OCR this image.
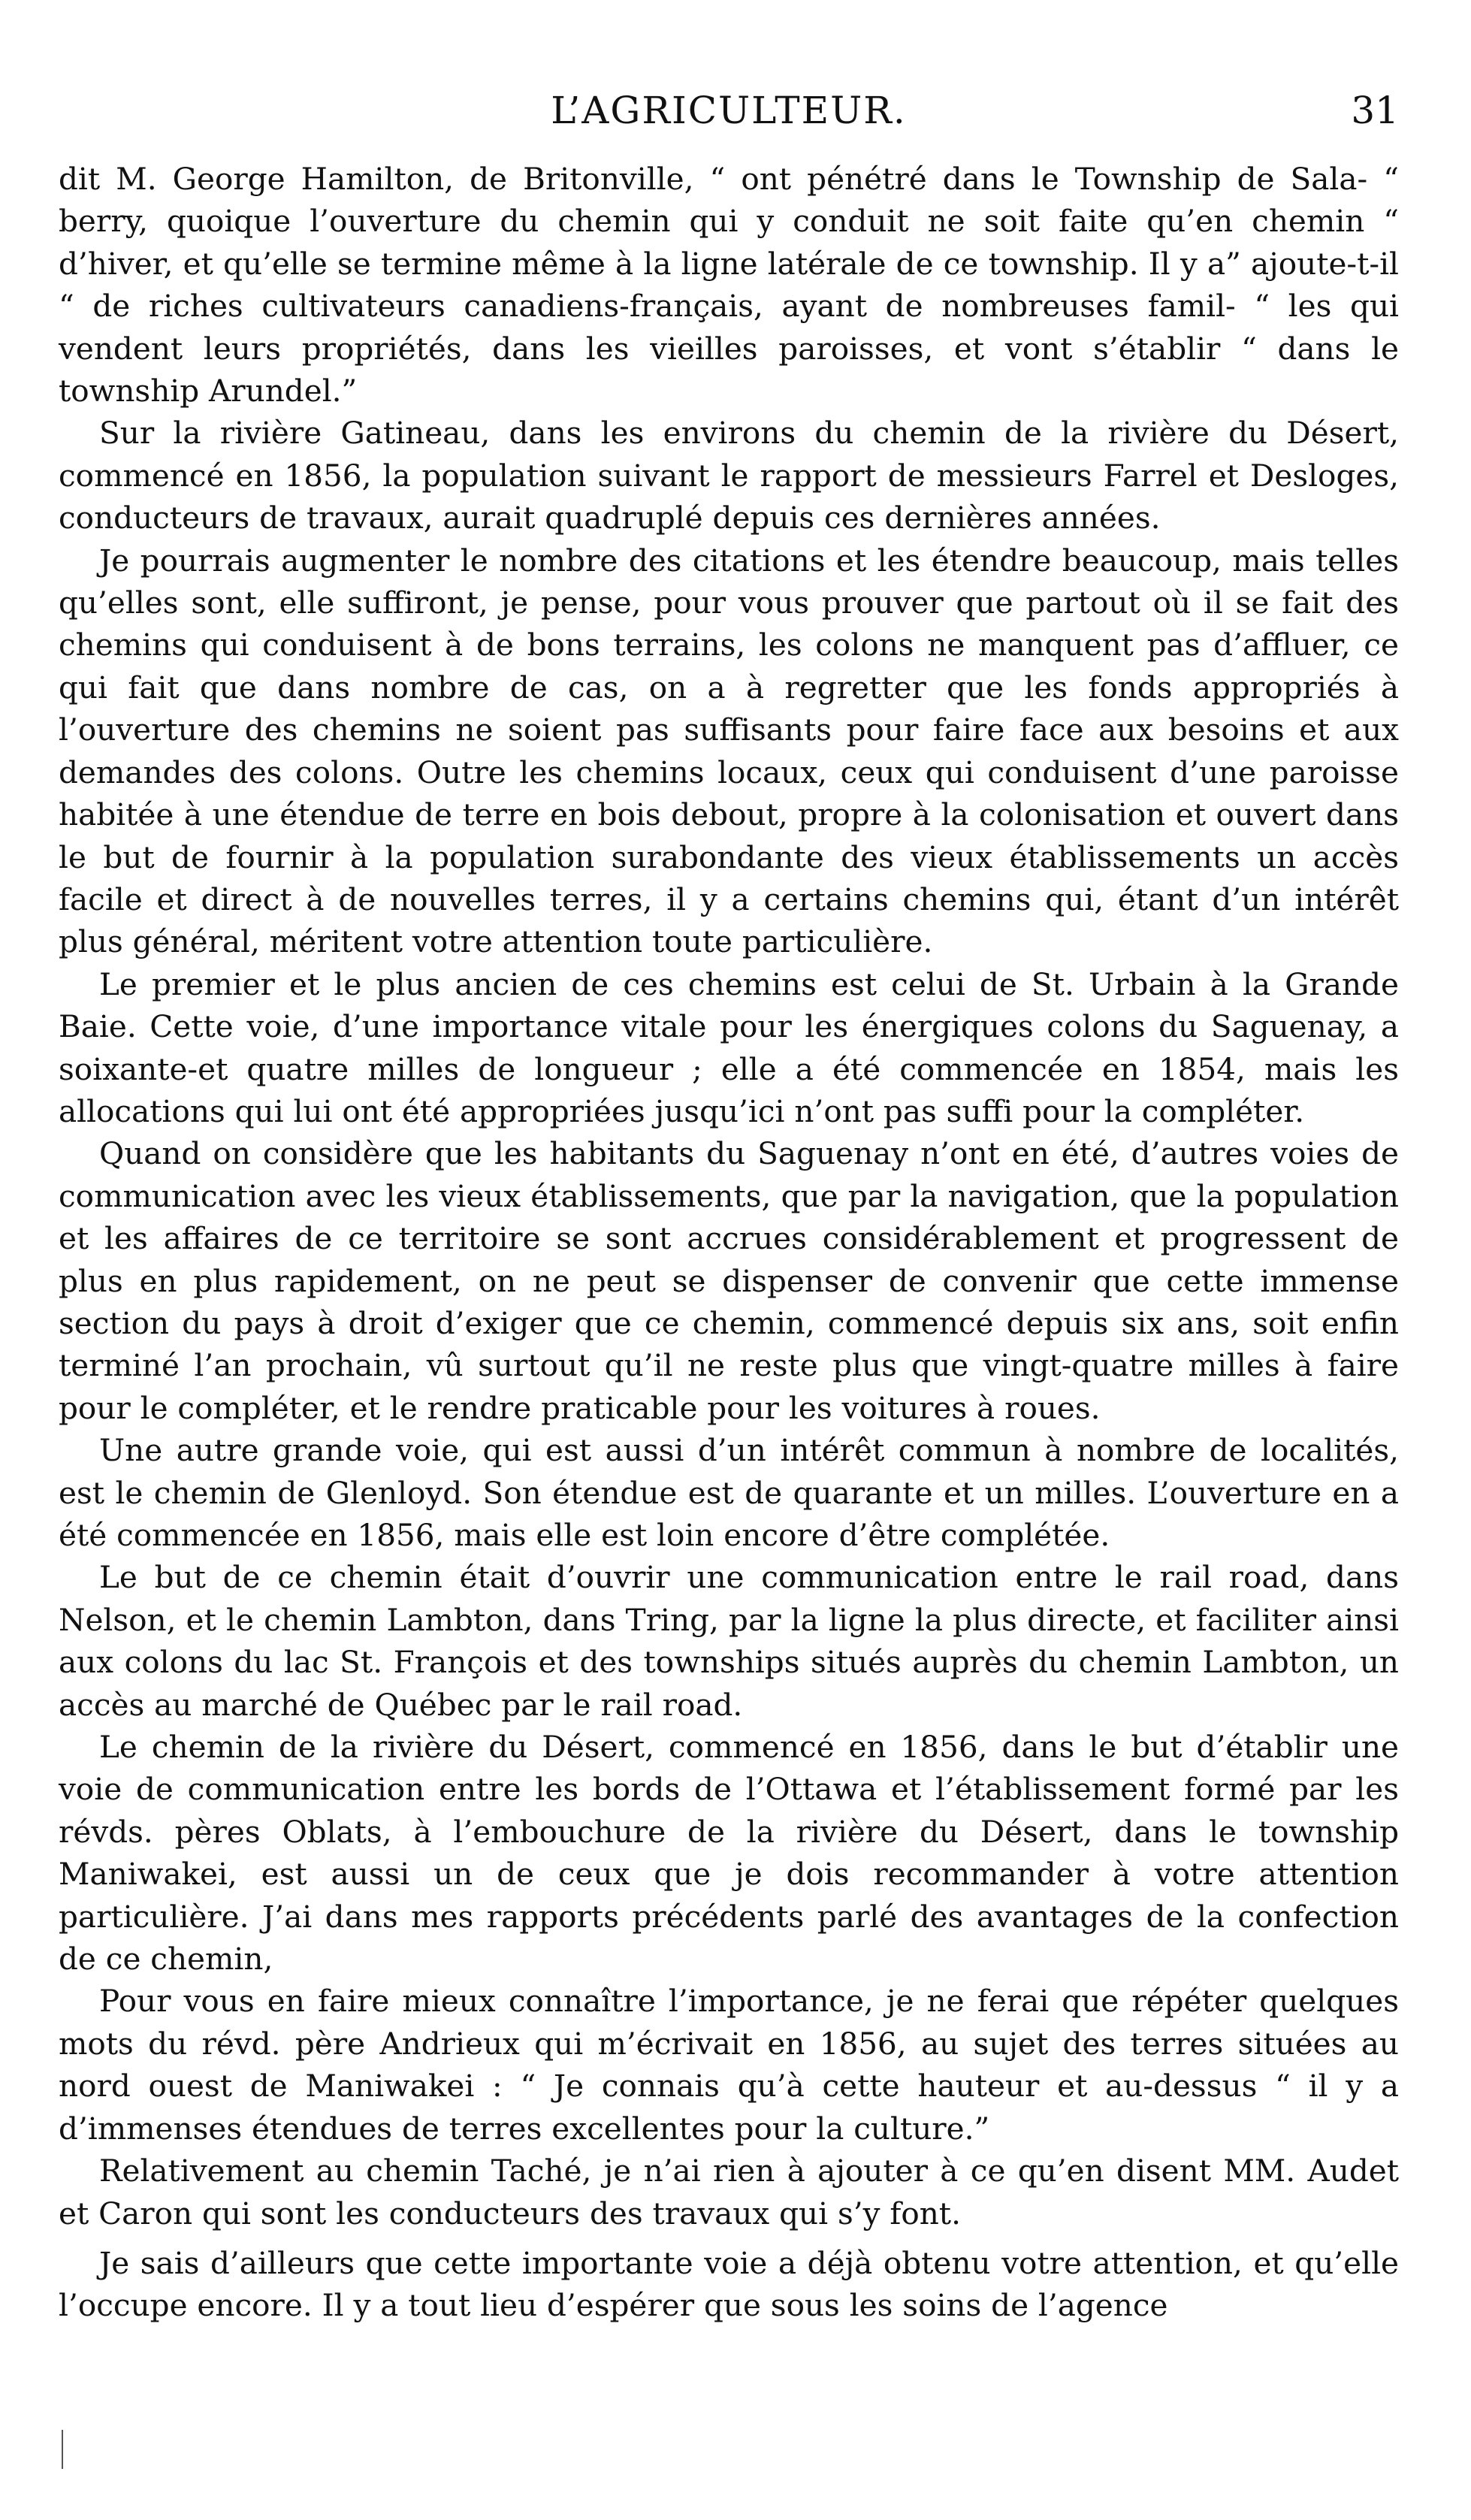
L’AGRICULTEUR.	31

dit M. George Hamilton, de Britonville, “ ont pénétré dans le Township de Sala- “ berry, quoique l’ouverture du chemin qui y conduit ne soit faite qu’en chemin “ d’hiver, et qu’elle se termine même à la ligne latérale de ce township. Il y a” ajoute-t-il “ de riches cultivateurs canadiens-français, ayant de nombreuses famil- “ les qui vendent leurs propriétés, dans les vieilles paroisses, et vont s’établir “ dans le township Arundel.”

Sur la rivière Gatineau, dans les environs du chemin de la rivière du Désert, commencé en 1856, la population suivant le rapport de messieurs Farrel et Desloges, conducteurs de travaux, aurait quadruplé depuis ces dernières années.

Je pourrais augmenter le nombre des citations et les étendre beaucoup, mais telles qu’elles sont, elle suffiront, je pense, pour vous prouver que partout où il se fait des chemins qui conduisent à de bons terrains, les colons ne manquent pas d’affluer, ce qui fait que dans nombre de cas, on a à regretter que les fonds appropriés à l’ouverture des chemins ne soient pas suffisants pour faire face aux besoins et aux demandes des colons. Outre les chemins locaux, ceux qui conduisent d’une paroisse habitée à une étendue de terre en bois debout, propre à la colonisation et ouvert dans le but de fournir à la population surabondante des vieux établissements un accès facile et direct à de nouvelles terres, il y a certains chemins qui, étant d’un intérêt plus général, méritent votre attention toute particulière.

Le premier et le plus ancien de ces chemins est celui de St. Urbain à la Grande Baie. Cette voie, d’une importance vitale pour les énergiques colons du Saguenay, a soixante-et quatre milles de longueur ; elle a été commencée en 1854, mais les allocations qui lui ont été appropriées jusqu’ici n’ont pas suffi pour la compléter.

Quand on considère que les habitants du Saguenay n’ont en été, d’autres voies de communication avec les vieux établissements, que par la navigation, que la population et les affaires de ce territoire se sont accrues considérablement et progressent de plus en plus rapidement, on ne peut se dispenser de convenir que cette immense section du pays à droit d’exiger que ce chemin, commencé depuis six ans, soit enfin terminé l’an prochain, vû surtout qu’il ne reste plus que vingt-quatre milles à faire pour le compléter, et le rendre praticable pour les voitures à roues.

Une autre grande voie, qui est aussi d’un intérêt commun à nombre de localités, est le chemin de Glenloyd. Son étendue est de quarante et un milles. L’ouverture en a été commencée en 1856, mais elle est loin encore d’être complétée.

Le but de ce chemin était d’ouvrir une communication entre le rail road, dans Nelson, et le chemin Lambton, dans Tring, par la ligne la plus directe, et faciliter ainsi aux colons du lac St. François et des townships situés auprès du chemin Lambton, un accès au marché de Québec par le rail road.

Le chemin de la rivière du Désert, commencé en 1856, dans le but d’établir une voie de communication entre les bords de l’Ottawa et l’établissement formé par les révds. pères Oblats, à l’embouchure de la rivière du Désert, dans le township Maniwakei, est aussi un de ceux que je dois recommander à votre attention particulière. J’ai dans mes rapports précédents parlé des avantages de la confection de ce chemin,

Pour vous en faire mieux connaître l’importance, je ne ferai que répéter quelques mots du révd. père Andrieux qui m’écrivait en 1856, au sujet des terres situées au nord ouest de Maniwakei : “ Je connais qu’à cette hauteur et au-dessus “ il y a d’immenses étendues de terres excellentes pour la culture.”

Relativement au chemin Taché, je n’ai rien à ajouter à ce qu’en disent MM. Audet et Caron qui sont les conducteurs des travaux qui s’y font.

Je sais d’ailleurs que cette importante voie a déjà obtenu votre attention, et qu’elle l’occupe encore. Il y a tout lieu d’espérer que sous les soins de l’agence
